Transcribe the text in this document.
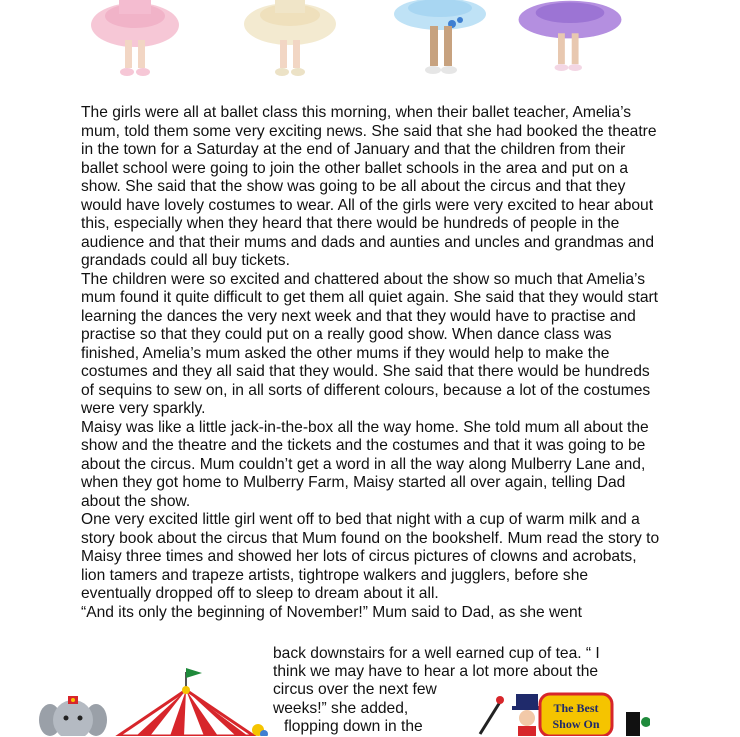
The girls were all at ballet class this morning, when their ballet teacher, Amelia’s mum, told them some very exciting news. She said that she had booked the theatre in the town for a Saturday at the end of January and that the children from their ballet school were going to join the other ballet schools in the area and put on a show. She said that the show was going to be all about the circus and that they would have lovely costumes to wear. All of the girls were very excited to hear about this, especially when they heard that there would be hundreds of people in the audience and that their mums and dads and aunties and uncles and grandmas and grandads could all buy tickets.

The children were so excited and chattered about the show so much that Amelia’s mum found it quite difficult to get them all quiet again. She said that they would start learning the dances the very next week and that they would have to practise and practise so that they could put on a really good show. When dance class was finished, Amelia’s mum asked the other mums if they would help to make the costumes and they all said that they would. She said that there would be hundreds of sequins to sew on, in all sorts of different colours, because a lot of the costumes were very sparkly.

Maisy was like a little jack-in-the-box all the way home. She told mum all about the show and the theatre and the tickets and the costumes and that it was going to be about the circus. Mum couldn’t get a word in all the way along Mulberry Lane and, when they got home to Mulberry Farm, Maisy started all over again, telling Dad about the show.

One very excited little girl went off to bed that night with a cup of warm milk and a story book about the circus that Mum found on the bookshelf. Mum read the story to Maisy three times and showed her lots of circus pictures of clowns and acrobats, lion tamers and trapeze artists, tightrope walkers and jugglers, before she eventually dropped off to sleep to dream about it all.

“And its only the beginning of November!” Mum said to Dad, as she went

back downstairs for a well earned cup of tea. “ I
think we may have to hear a lot more about the
circus over the next few
weeks!” she added,
flopping down in the
The Best
Show On
